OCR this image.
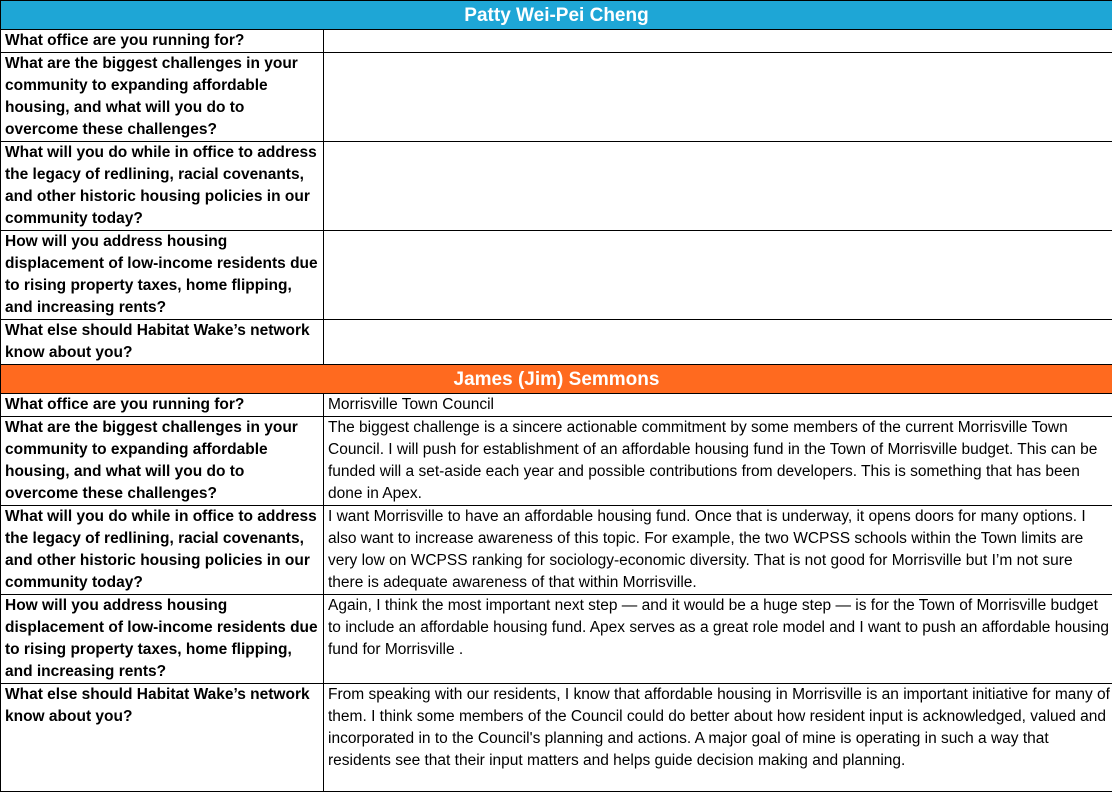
Patty Wei-Pei Cheng	
What office are you running for?	
What are the biggest challenges in your community to expanding affordable housing, and what will you do to overcome these challenges?	
What will you do while in office to address the legacy of redlining, racial covenants, and other historic housing policies in our community today?	
How will you address housing displacement of low-income residents due to rising property taxes, home flipping, and increasing rents?	
What else should Habitat Wake’s network know about you?	
James (Jim) Semmons	
What office are you running for?	Morrisville Town Council
What are the biggest challenges in your community to expanding affordable housing, and what will you do to overcome these challenges?	The biggest challenge is a sincere actionable commitment by some members of the current Morrisville Town Council. I will push for establishment of an affordable housing fund in the Town of Morrisville budget. This can be funded will a set-aside each year and possible contributions from developers. This is something that has been done in Apex.
What will you do while in office to address the legacy of redlining, racial covenants, and other historic housing policies in our community today?	I want Morrisville to have an affordable housing fund. Once that is underway, it opens doors for many options. I also want to increase awareness of this topic. For example, the two WCPSS schools within the Town limits are very low on WCPSS ranking for sociology-economic diversity. That is not good for Morrisville but I’m not sure there is adequate awareness of that within Morrisville.
How will you address housing displacement of low-income residents due to rising property taxes, home flipping, and increasing rents?	Again, I think the most important next step — and it would be a huge step — is for the Town of Morrisville budget to include an affordable housing fund. Apex serves as a great role model and I want to push an affordable housing fund for Morrisville .
What else should Habitat Wake’s network know about you?	From speaking with our residents, I know that affordable housing in Morrisville is an important initiative for many of them. I think some members of the Council could do better about how resident input is acknowledged, valued and incorporated in to the Council's planning and actions. A major goal of mine is operating in such a way that residents see that their input matters and helps guide decision making and planning.
